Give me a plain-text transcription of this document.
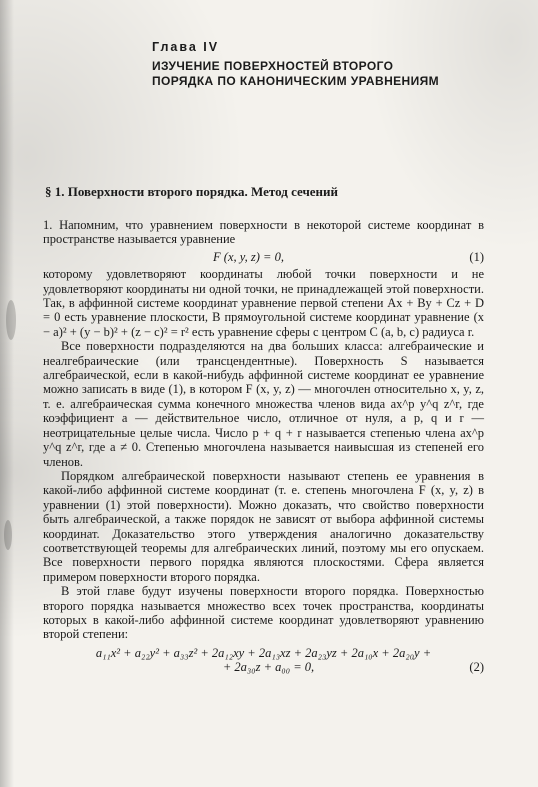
Глава IV
ИЗУЧЕНИЕ ПОВЕРХНОСТЕЙ ВТОРОГО
ПОРЯДКА ПО КАНОНИЧЕСКИМ УРАВНЕНИЯМ
§ 1. Поверхности второго порядка. Метод сечений

1. Напомним, что уравнением поверхности в некоторой системе координат в пространстве называется уравнение

F (x, y, z) = 0,	(1)

которому удовлетворяют координаты любой точки поверхности и не удовлетворяют координаты ни одной точки, не принадлежащей этой поверхности. Так, в аффинной системе координат уравнение первой степени Ax + By + Cz + D = 0 есть уравнение плоскости, В прямоугольной системе координат уравнение (x − a)² + (y − b)² + (z − c)² = r² есть уравнение сферы с центром C (a, b, c) радиуса r.

Все поверхности подразделяются на два больших класса: алгебраические и неалгебраические (или трансцендентные). Поверхность S называется алгебраической, если в какой-нибудь аффинной системе координат ее уравнение можно записать в виде (1), в котором F (x, y, z) — многочлен относительно x, y, z, т. е. алгебраическая сумма конечного множества членов вида ax^p y^q z^r, где коэффициент a — действительное число, отличное от нуля, а p, q и r — неотрицательные целые числа. Число p + q + r называется степенью члена ax^p y^q z^r, где a ≠ 0. Степенью многочлена называется наивысшая из степеней его членов.

Порядком алгебраической поверхности называют степень ее уравнения в какой-либо аффинной системе координат (т. е. степень многочлена F (x, y, z) в уравнении (1) этой поверхности). Можно доказать, что свойство поверхности быть алгебраической, а также порядок не зависят от выбора аффинной системы координат. Доказательство этого утверждения аналогично доказательству соответствующей теоремы для алгебраических линий, поэтому мы его опускаем. Все поверхности первого порядка являются плоскостями. Сфера является примером поверхности второго порядка.

В этой главе будут изучены поверхности второго порядка. Поверхностью второго порядка называется множество всех точек пространства, координаты которых в какой-либо аффинной системе координат удовлетворяют уравнению второй степени:

a₁₁x² + a₂₂y² + a₃₃z² + 2a₁₂xy + 2a₁₃xz + 2a₂₃yz + 2a₁₀x + 2a₂₀y +
+ 2a₃₀z + a₀₀ = 0,	(2)
